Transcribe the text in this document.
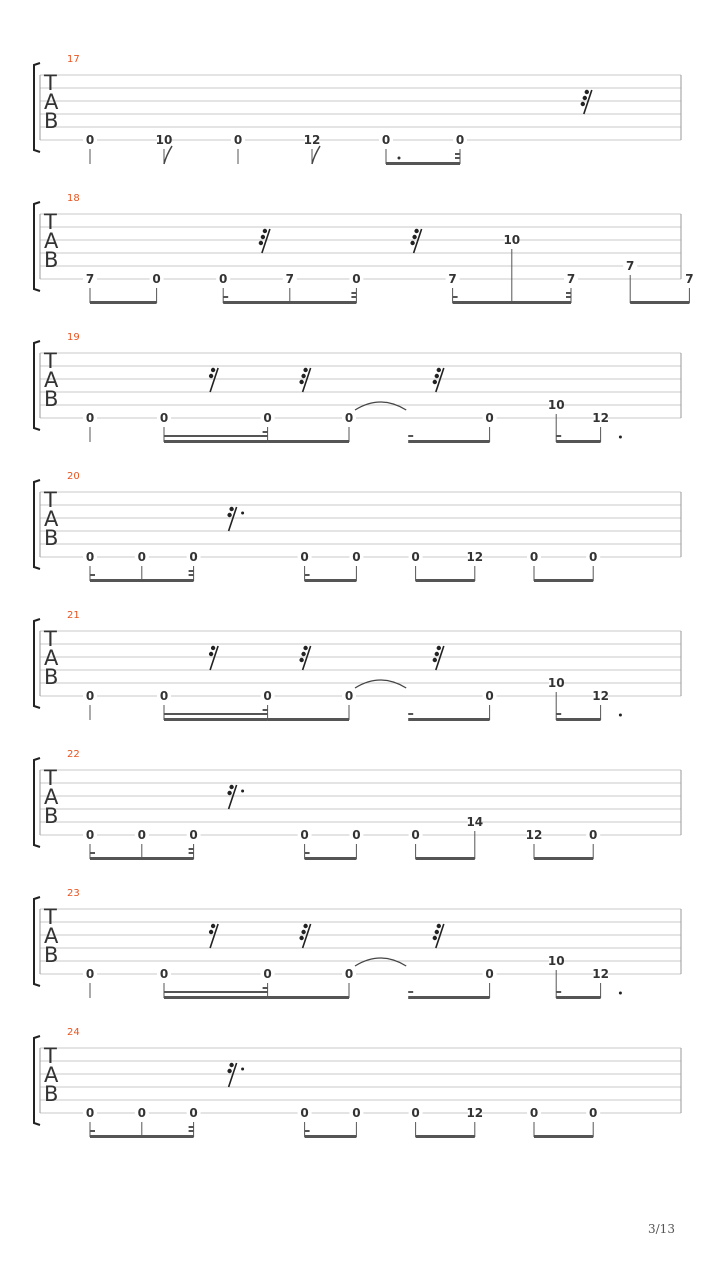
17
T
A
B
0	10	0	12	0	0
18
T
A
B
7	0	0	7	0	7
10
7
7
7
19
T
A
B
0	0	0	0	0
10
12
20
T
A
B
0	0	0	0	0	0	12	0	0
21
T
A
B
0	0	0	0	0
10
12
22
T
A
B
0	0	0	0	0	0
14
12	0
23
T
A
B
0	0	0	0	0
10
12
24
T
A
B
0	0	0	0	0	0	12	0	0
3/13
